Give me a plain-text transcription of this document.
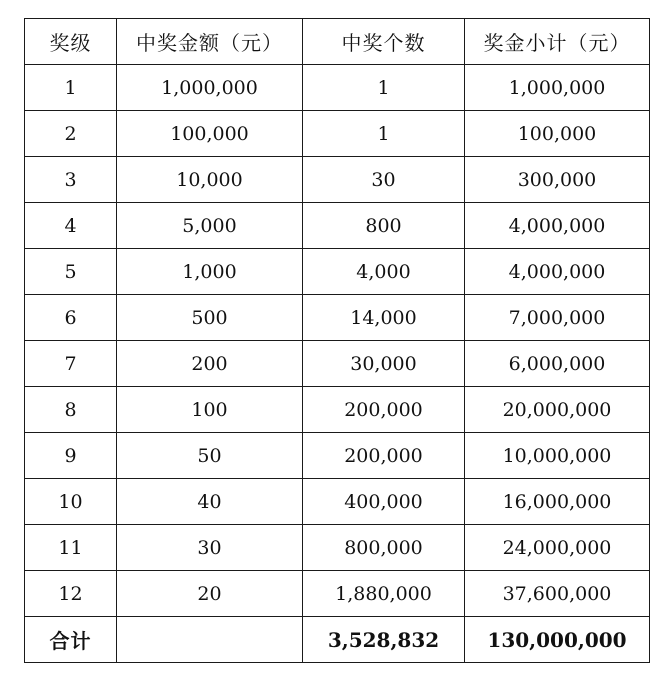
奖级	中奖金额（元）	中奖个数	奖金小计（元）
1	1,000,000	1	1,000,000
2	100,000	1	100,000
3	10,000	30	300,000
4	5,000	800	4,000,000
5	1,000	4,000	4,000,000
6	500	14,000	7,000,000
7	200	30,000	6,000,000
8	100	200,000	20,000,000
9	50	200,000	10,000,000
10	40	400,000	16,000,000
11	30	800,000	24,000,000
12	20	1,880,000	37,600,000
合计		3,528,832	130,000,000
